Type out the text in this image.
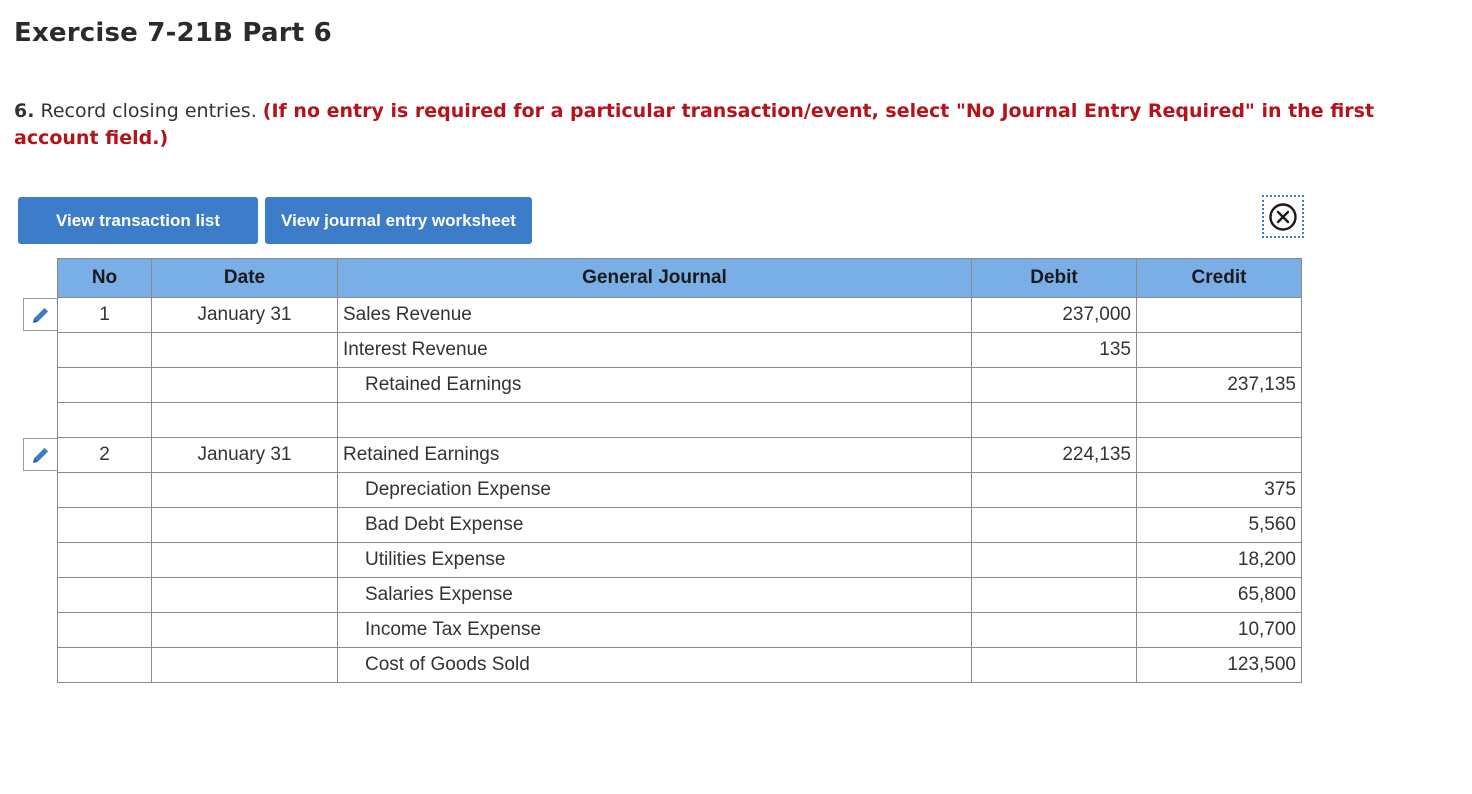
Exercise 7-21B Part 6
6. Record closing entries. (If no entry is required for a particular transaction/event, select "No Journal Entry Required" in the first account field.)
View transaction list	View journal entry worksheet
No	Date	General Journal	Debit	Credit
1	January 31	Sales Revenue	237,000	
		Interest Revenue	135	
		Retained Earnings		237,135

2	January 31	Retained Earnings	224,135	
		Depreciation Expense		375
		Bad Debt Expense		5,560
		Utilities Expense		18,200
		Salaries Expense		65,800
		Income Tax Expense		10,700
		Cost of Goods Sold		123,500
